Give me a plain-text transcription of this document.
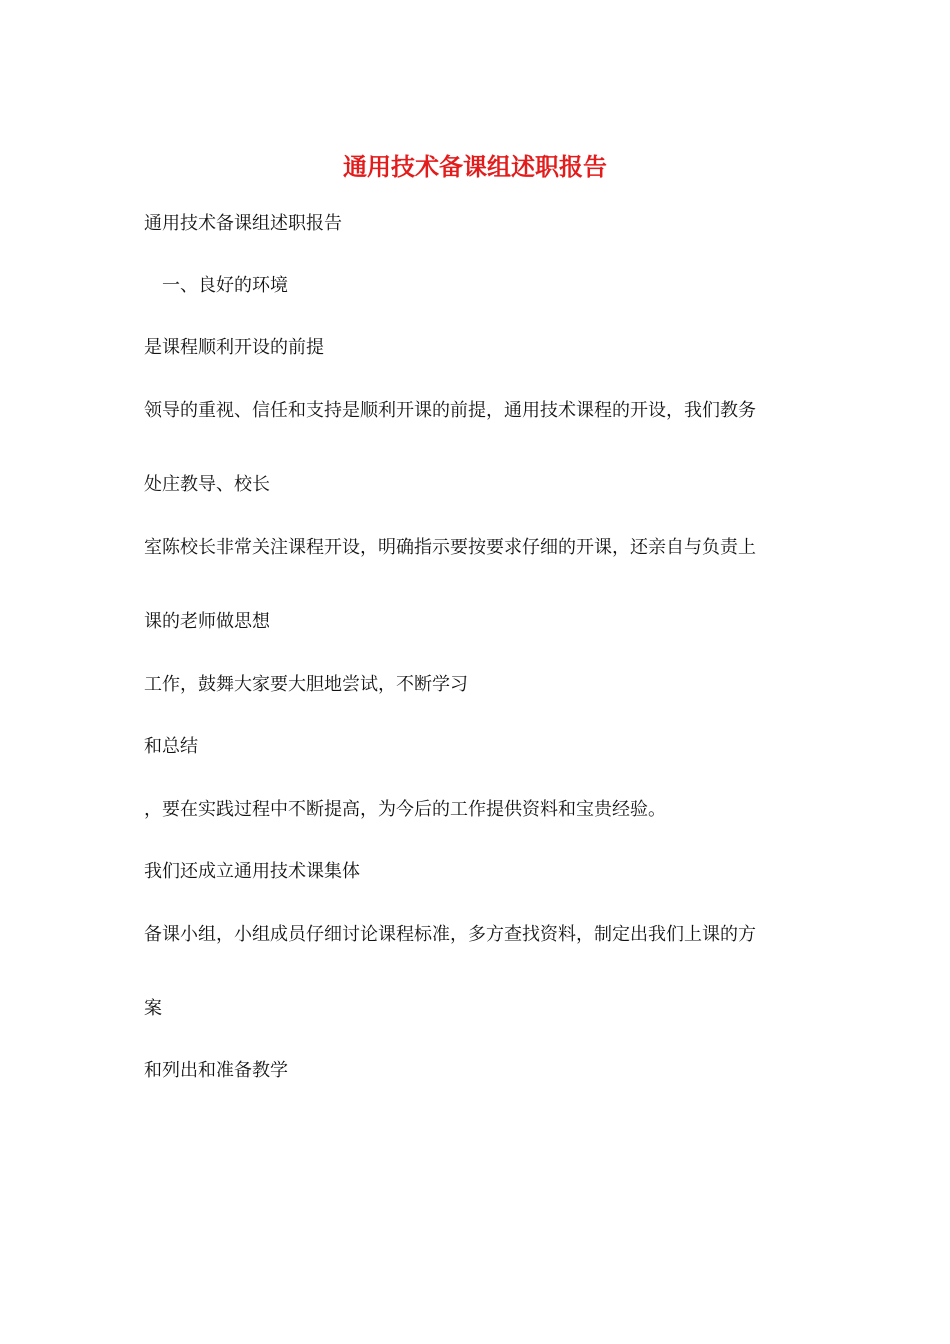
通用技术备课组述职报告

通用技术备课组述职报告

一、良好的环境

是课程顺利开设的前提

领导的重视、信任和支持是顺利开课的前提，通用技术课程的开设，我们教务

处庄教导、校长

室陈校长非常关注课程开设，明确指示要按要求仔细的开课，还亲自与负责上

课的老师做思想

工作，鼓舞大家要大胆地尝试，不断学习

和总结

，要在实践过程中不断提高，为今后的工作提供资料和宝贵经验。

我们还成立通用技术课集体

备课小组，小组成员仔细讨论课程标准，多方查找资料，制定出我们上课的方

案

和列出和准备教学
